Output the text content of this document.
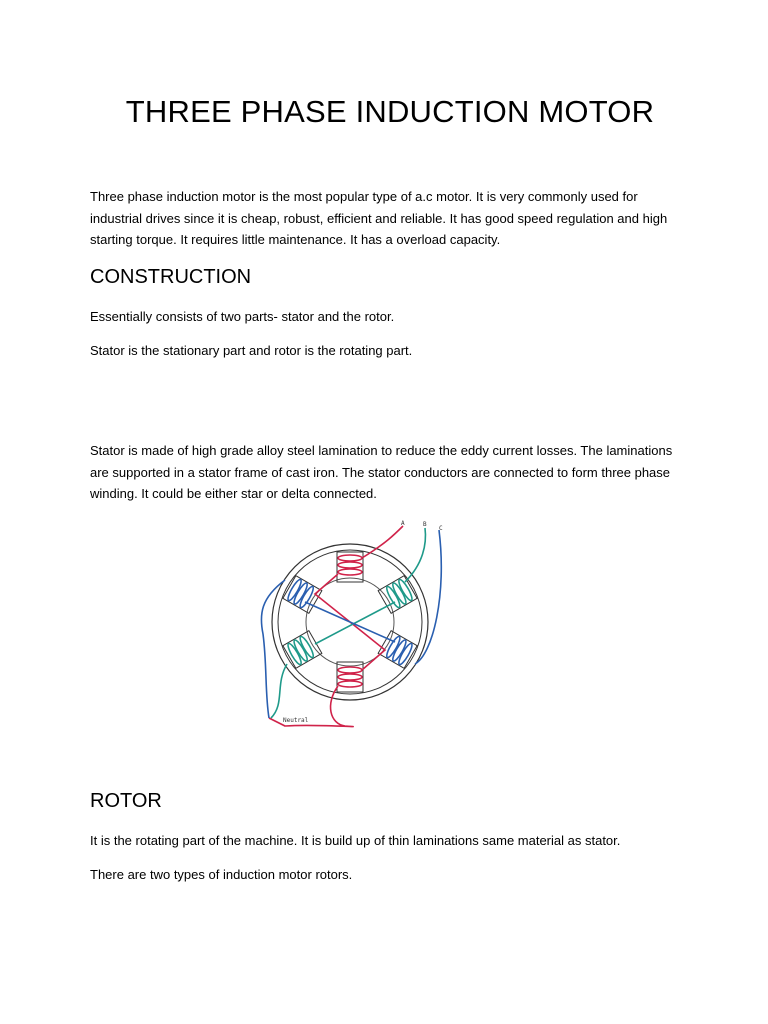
THREE PHASE INDUCTION MOTOR

Three phase induction motor is the most popular type of a.c motor. It is very commonly used for industrial drives since it is cheap, robust, efficient and reliable. It has good speed regulation and high starting torque. It requires little maintenance. It has a overload capacity.

CONSTRUCTION

Essentially consists of two parts- stator and the rotor.

Stator is the stationary part and rotor is the rotating part.

Stator is made of high grade alloy steel lamination to reduce the eddy current losses. The laminations are supported in a stator frame of cast iron. The stator conductors are connected to form three phase winding. It could be either star or delta connected.

A	B
C
Neutral
ROTOR

It is the rotating part of the machine. It is build up of thin laminations same material as stator.

There are two types of induction motor rotors.
